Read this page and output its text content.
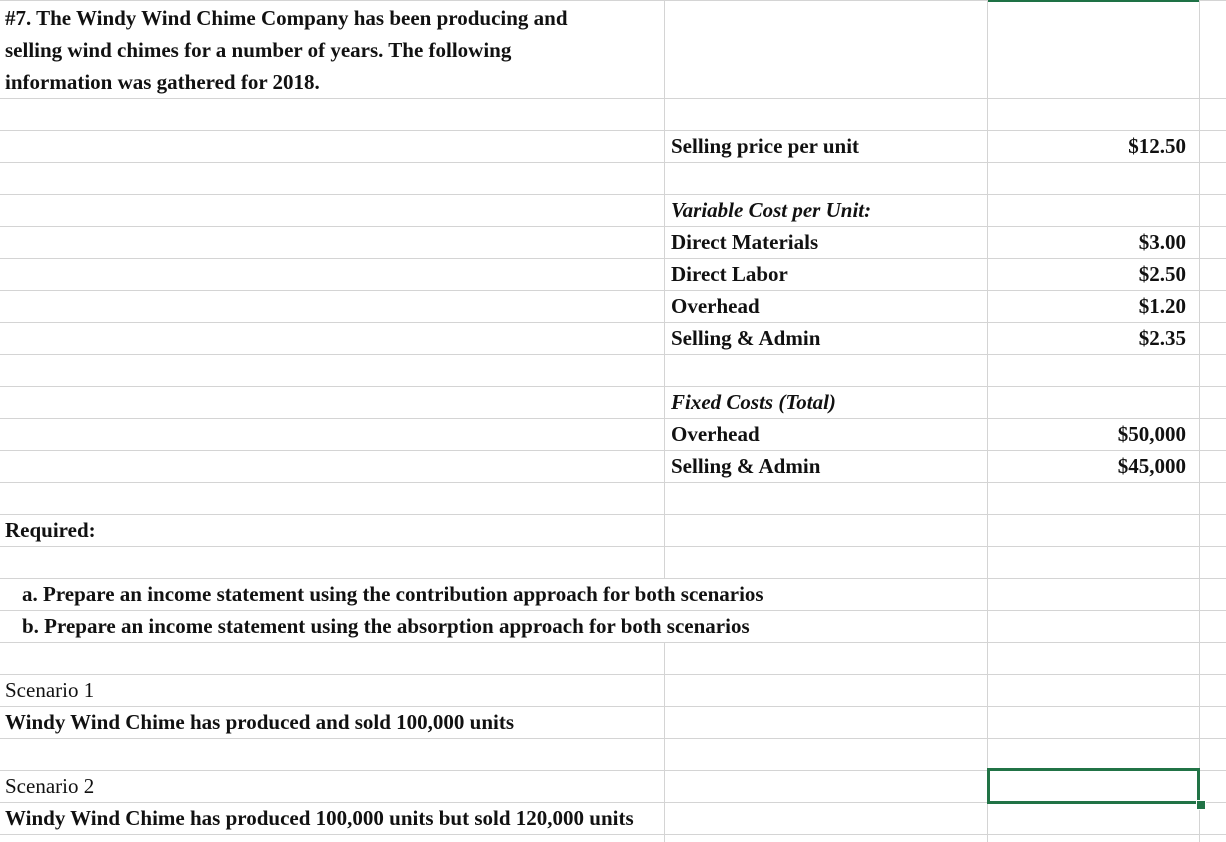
#7. The Windy Wind Chime Company has been producing and
selling wind chimes for a number of years. The following
information was gathered for 2018.
Selling price per unit	$12.50
Variable Cost per Unit:
Direct Materials	$3.00
Direct Labor	$2.50
Overhead	$1.20
Selling & Admin	$2.35
Fixed Costs (Total)
Overhead	$50,000
Selling & Admin	$45,000
Required:
a. Prepare an income statement using the contribution approach for both scenarios
b. Prepare an income statement using the absorption approach for both scenarios
Scenario 1
Windy Wind Chime has produced and sold 100,000 units
Scenario 2
Windy Wind Chime has produced 100,000 units but sold 120,000 units
